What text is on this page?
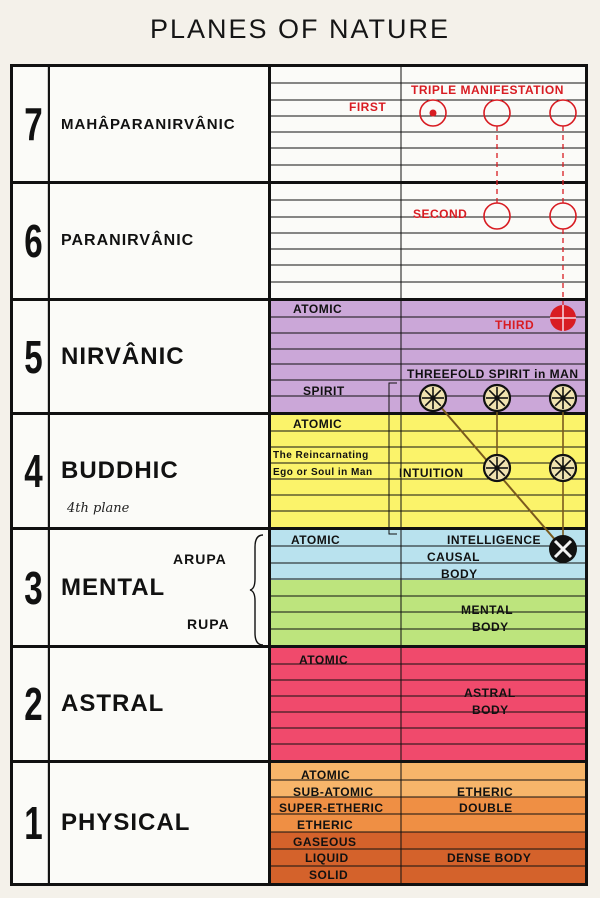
PLANES OF NATURE
7	MAHÂPARANIRVÂNIC
6	PARANIRVÂNIC
5 NIRVÂNIC
4 BUDDHIC
3 MENTAL
2 ASTRAL
1 PHYSICAL
ARUPA
RUPA
4th plane
TRIPLE MANIFESTATION
FIRST
SECOND
THIRD
ATOMIC
SPIRIT
THREEFOLD SPIRIT in MAN
ATOMIC
The Reincarnating
Ego or Soul in Man INTUITION
ATOMIC	INTELLIGENCE
CAUSAL
BODY
MENTAL
BODY
ATOMIC
ASTRAL
BODY
ATOMIC
SUB-ATOMIC
SUPER-ETHERIC
ETHERIC
GASEOUS
LIQUID
SOLID
ETHERIC
DOUBLE
DENSE BODY
